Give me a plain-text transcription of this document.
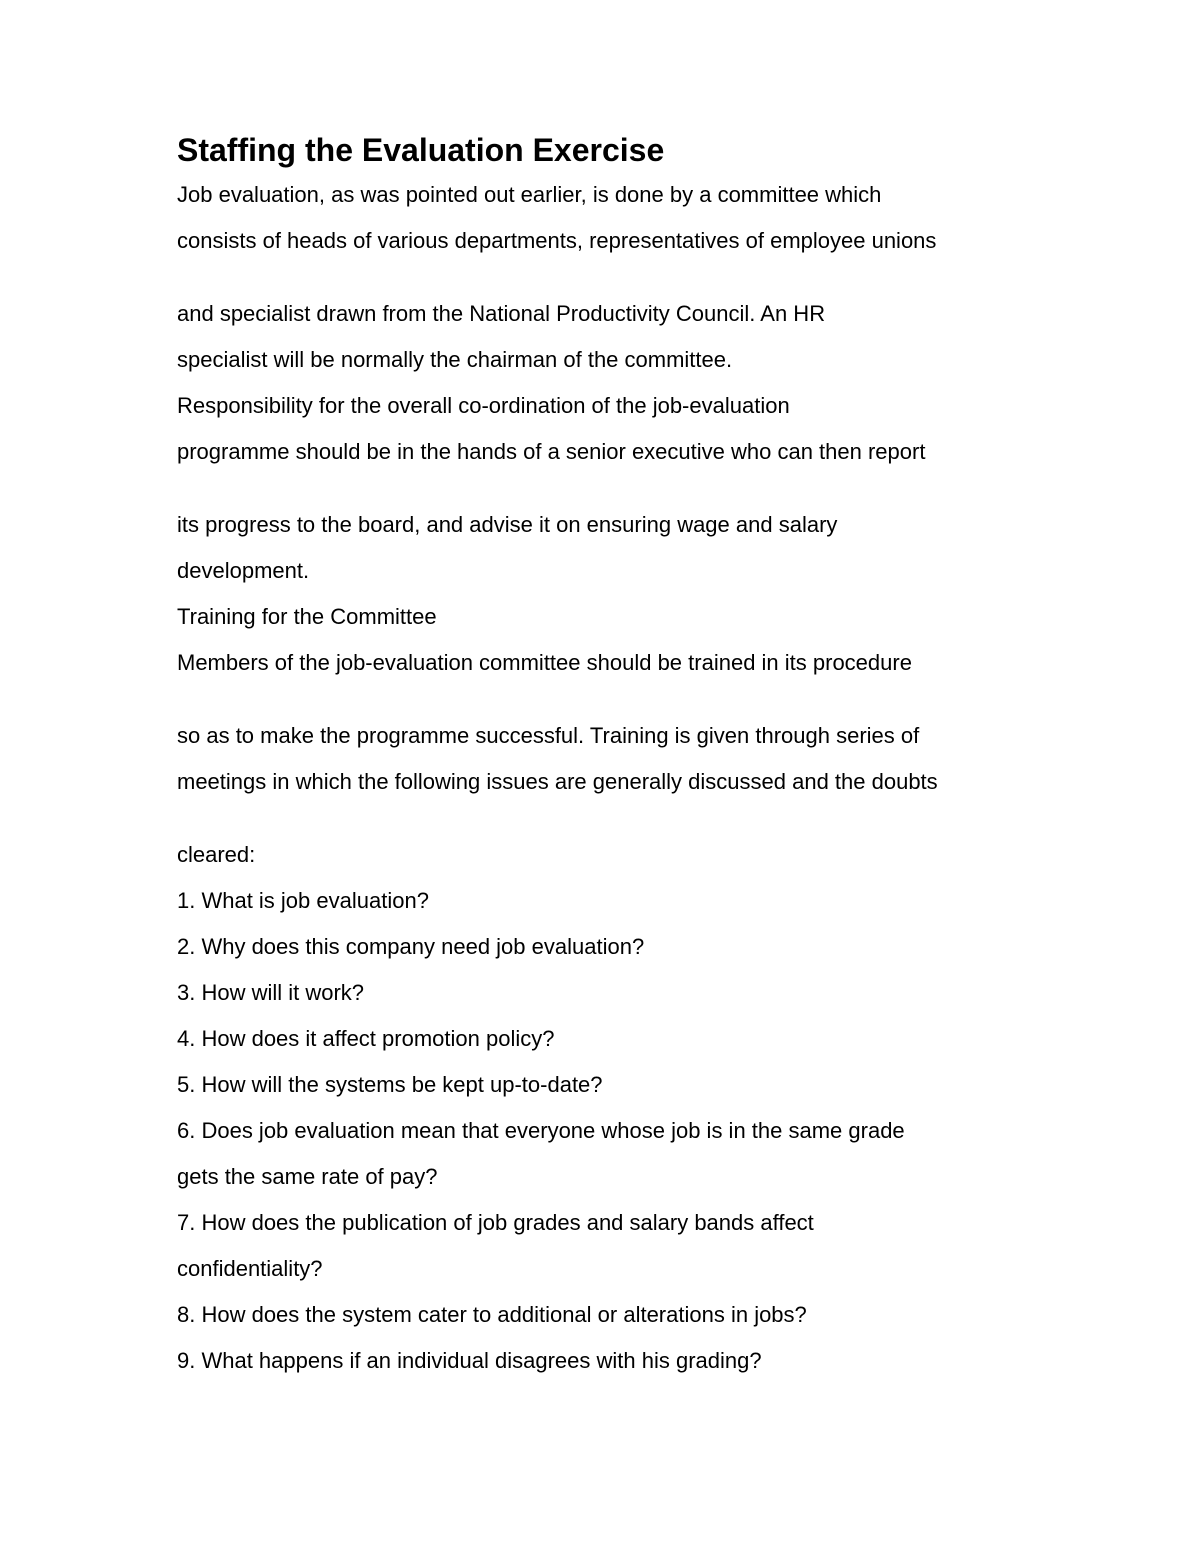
Staffing the Evaluation Exercise
Job evaluation, as was pointed out earlier, is done by a committee which
consists of heads of various departments, representatives of employee unions
and specialist drawn from the National Productivity Council. An HR
specialist will be normally the chairman of the committee.
Responsibility for the overall co-ordination of the job-evaluation
programme should be in the hands of a senior executive who can then report
its progress to the board, and advise it on ensuring wage and salary
development.
Training for the Committee
Members of the job-evaluation committee should be trained in its procedure
so as to make the programme successful. Training is given through series of
meetings in which the following issues are generally discussed and the doubts
cleared:
1. What is job evaluation?
2. Why does this company need job evaluation?
3. How will it work?
4. How does it affect promotion policy?
5. How will the systems be kept up-to-date?
6. Does job evaluation mean that everyone whose job is in the same grade
gets the same rate of pay?
7. How does the publication of job grades and salary bands affect
confidentiality?
8. How does the system cater to additional or alterations in jobs?
9. What happens if an individual disagrees with his grading?
